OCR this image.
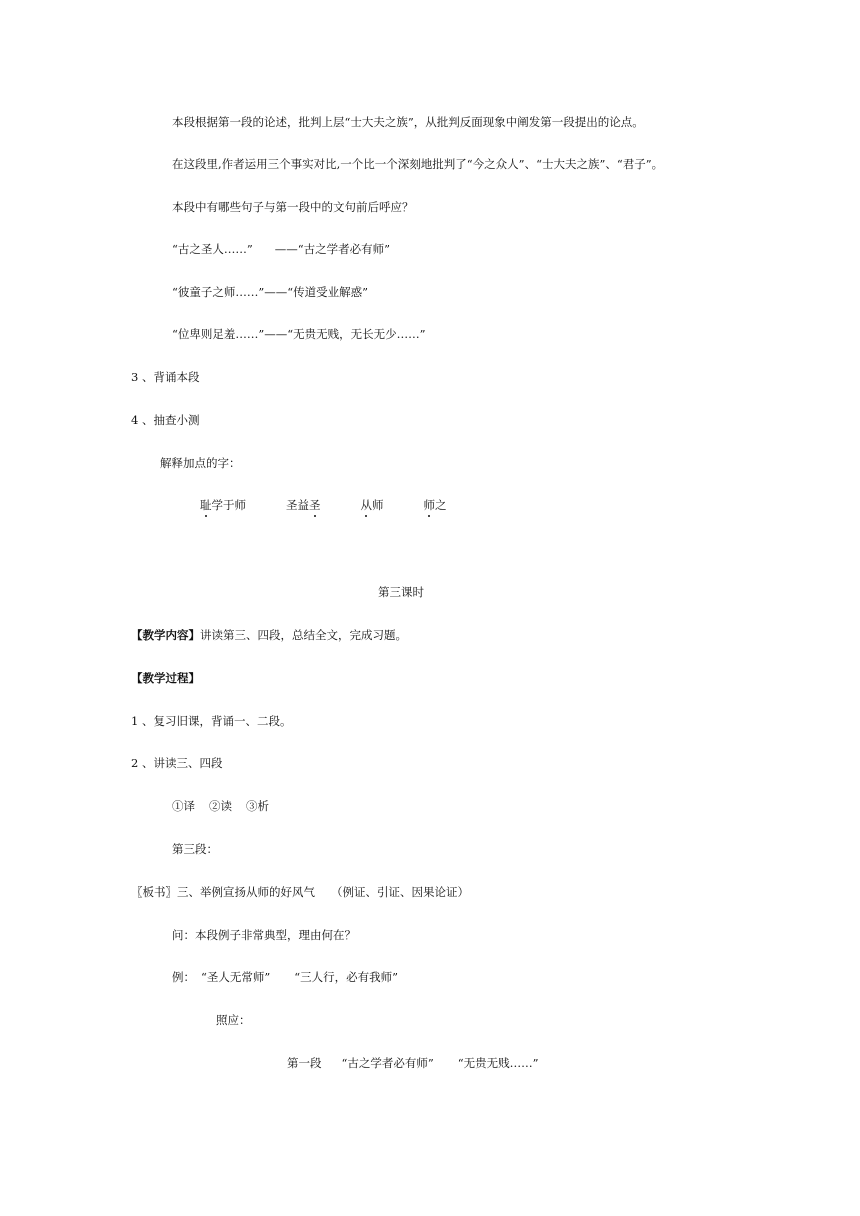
本段根据第一段的论述，批判上层“士大夫之族”，从批判反面现象中阐发第一段提出的论点。
在这段里,作者运用三个事实对比,一个比一个深刻地批判了“今之众人”、“士大夫之族”、“君子”。
本段中有哪些句子与第一段中的文句前后呼应？
“古之圣人……” ——“古之学者必有师”
“彼童子之师……”——“传道受业解惑”
“位卑则足羞……”——“无贵无贱，无长无少……”
3 、背诵本段
4 、抽查小测
解释加点的字：
耻学于师	圣益圣	从师	师之
第三课时
【教学内容】讲读第三、四段，总结全文，完成习题。
【教学过程】
1 、复习旧课，背诵一、二段。
2 、讲读三、四段
①译 ②读 ③析
第三段：
〖板书〗三、举例宣扬从师的好风气 （例证、引证、因果论证）
问：本段例子非常典型，理由何在？
例： “圣人无常师” “三人行，必有我师”
照应：
第一段 “古之学者必有师” “无贵无贱……”
